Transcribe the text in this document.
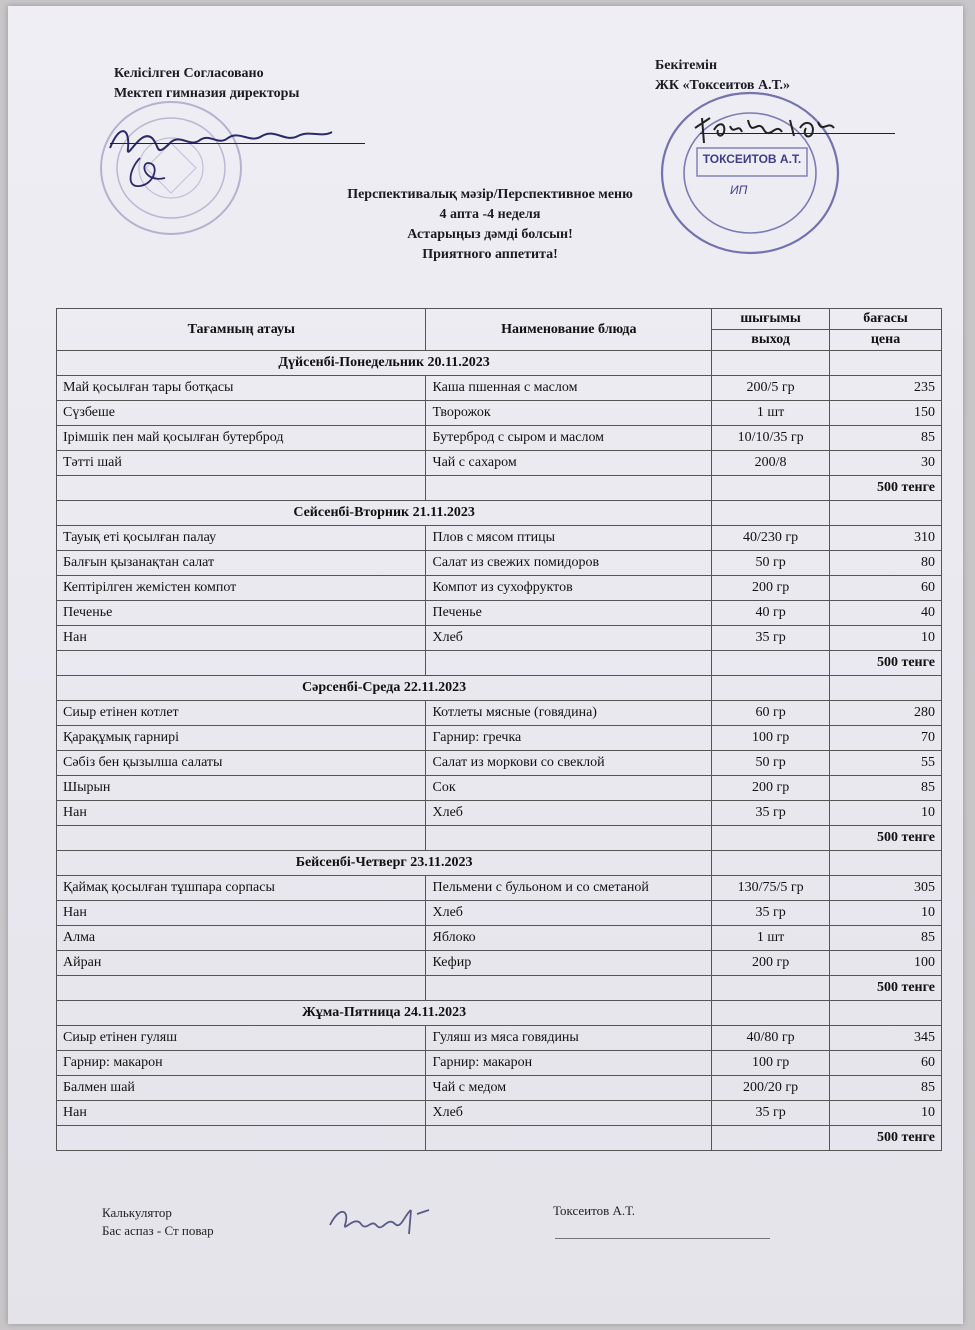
Келісілген Согласовано
Мектеп гимназия директоры
Бекітемін
ЖК «Токсеитов А.Т.»
ТОКСЕИТОВ А.Т.
ИП
Перспективалық мәзір/Перспективное меню
4 апта -4 неделя
Астарыңыз дәмді болсын!
Приятного аппетита!
Тағамның атауы	Наименование блюда	шығымы	бағасы
		выход	цена
Дүйсенбі-Понедельник 20.11.2023			
Май қосылған тары ботқасы	Каша пшенная с маслом	200/5 гр	235
Сүзбеше	Творожок	1 шт	150
Ірімшік пен май қосылған бутерброд	Бутерброд с сыром и маслом	10/10/35 гр	85
Тәтті шай	Чай с сахаром	200/8	30
			500 тенге
Сейсенбі-Вторник 21.11.2023			
Тауық еті қосылған палау	Плов с мясом птицы	40/230 гр	310
Балғын қызанақтан салат	Салат из свежих помидоров	50 гр	80
Кептірілген жемістен компот	Компот из сухофруктов	200 гр	60
Печенье	Печенье	40 гр	40
Нан	Хлеб	35 гр	10
			500 тенге
Сәрсенбі-Среда 22.11.2023			
Сиыр етінен котлет	Котлеты мясные (говядина)	60 гр	280
Қарақұмық гарнирі	Гарнир: гречка	100 гр	70
Сәбіз бен қызылша салаты	Салат из моркови со свеклой	50 гр	55
Шырын	Сок	200 гр	85
Нан	Хлеб	35 гр	10
			500 тенге
Бейсенбі-Четверг 23.11.2023			
Қаймақ қосылған тұшпара сорпасы	Пельмени с бульоном и со сметаной	130/75/5 гр	305
Нан	Хлеб	35 гр	10
Алма	Яблоко	1 шт	85
Айран	Кефир	200 гр	100
			500 тенге
Жұма-Пятница 24.11.2023			
Сиыр етінен гуляш	Гуляш из мяса говядины	40/80 гр	345
Гарнир: макарон	Гарнир: макарон	100 гр	60
Балмен шай	Чай с медом	200/20 гр	85
Нан	Хлеб	35 гр	10
			500 тенге
Калькулятор
Бас аспаз - Ст повар
Токсеитов А.Т.
